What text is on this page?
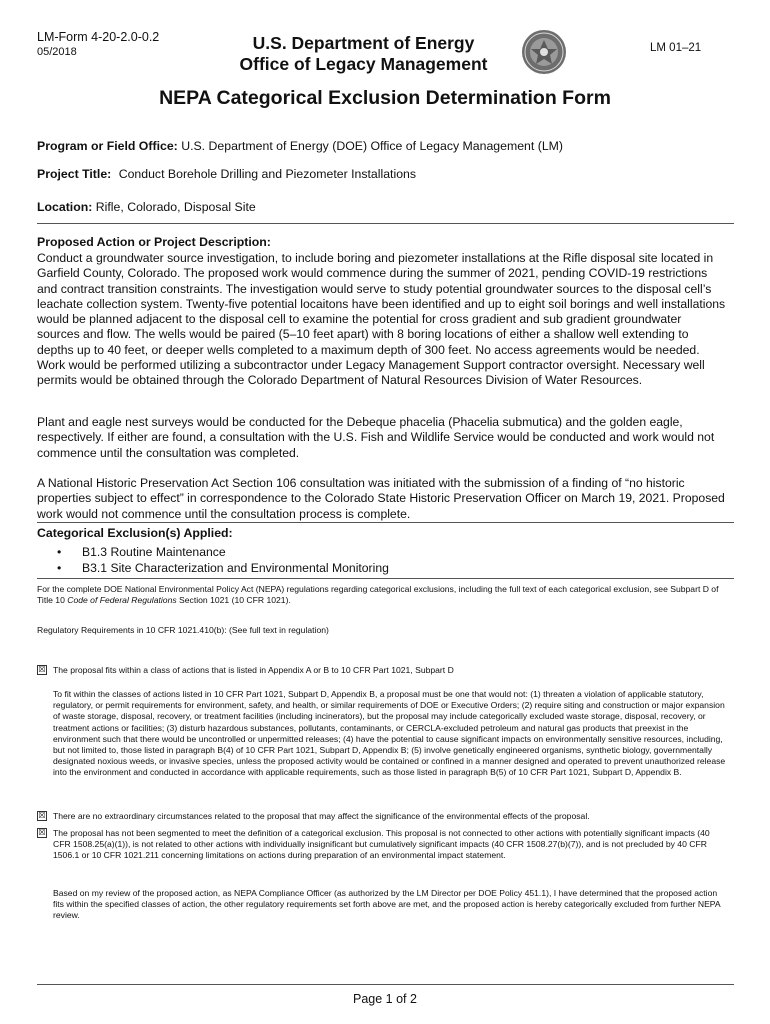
LM-Form 4-20-2.0-0.2
05/2018	U.S. Department of Energy
Office of Legacy Management
LM 01–21
NEPA Categorical Exclusion Determination Form
Program or Field Office: U.S. Department of Energy (DOE) Office of Legacy Management (LM)
Project Title: Conduct Borehole Drilling and Piezometer Installations
Location: Rifle, Colorado, Disposal Site
Proposed Action or Project Description:
Conduct a groundwater source investigation, to include boring and piezometer installations at the Rifle disposal site located in Garfield County, Colorado. The proposed work would commence during the summer of 2021, pending COVID-19 restrictions and contract transition constraints. The investigation would serve to study potential groundwater sources to the disposal cell’s leachate collection system. Twenty-five potential locaitons have been identified and up to eight soil borings and well installations would be planned adjacent to the disposal cell to examine the potential for cross gradient and sub gradient groundwater sources and flow. The wells would be paired (5–10 feet apart) with 8 boring locations of either a shallow well extending to depths up to 40 feet, or deeper wells completed to a maximum depth of 300 feet. No access agreements would be needed. Work would be performed utilizing a subcontractor under Legacy Management Support contractor oversight. Necessary well permits would be obtained through the Colorado Department of Natural Resources Division of Water Resources.
Plant and eagle nest surveys would be conducted for the Debeque phacelia (Phacelia submutica) and the golden eagle, respectively. If either are found, a consultation with the U.S. Fish and Wildlife Service would be conducted and work would not commence until the consultation was completed.
A National Historic Preservation Act Section 106 consultation was initiated with the submission of a finding of “no historic properties subject to effect” in correspondence to the Colorado State Historic Preservation Officer on March 19, 2021. Proposed work would not commence until the consultation process is complete.
Categorical Exclusion(s) Applied:
• B1.3 Routine Maintenance
• B3.1 Site Characterization and Environmental Monitoring
For the complete DOE National Environmental Policy Act (NEPA) regulations regarding categorical exclusions, including the full text of each categorical exclusion, see Subpart D of Title 10 Code of Federal Regulations Section 1021 (10 CFR 1021).
Regulatory Requirements in 10 CFR 1021.410(b): (See full text in regulation)
☒ The proposal fits within a class of actions that is listed in Appendix A or B to 10 CFR Part 1021, Subpart D
To fit within the classes of actions listed in 10 CFR Part 1021, Subpart D, Appendix B, a proposal must be one that would not: (1) threaten a violation of applicable statutory, regulatory, or permit requirements for environment, safety, and health, or similar requirements of DOE or Executive Orders; (2) require siting and construction or major expansion of waste storage, disposal, recovery, or treatment facilities (including incinerators), but the proposal may include categorically excluded waste storage, disposal, recovery, or treatment actions or facilities; (3) disturb hazardous substances, pollutants, contaminants, or CERCLA-excluded petroleum and natural gas products that preexist in the environment such that there would be uncontrolled or unpermitted releases; (4) have the potential to cause significant impacts on environmentally sensitive resources, including, but not limited to, those listed in paragraph B(4) of 10 CFR Part 1021, Subpart D, Appendix B; (5) involve genetically engineered organisms, synthetic biology, governmentally designated noxious weeds, or invasive species, unless the proposed activity would be contained or confined in a manner designed and operated to prevent unauthorized release into the environment and conducted in accordance with applicable requirements, such as those listed in paragraph B(5) of 10 CFR Part 1021, Subpart D, Appendix B.
☒ There are no extraordinary circumstances related to the proposal that may affect the significance of the environmental effects of the proposal.
☒ The proposal has not been segmented to meet the definition of a categorical exclusion. This proposal is not connected to other actions with potentially significant impacts (40 CFR 1508.25(a)(1)), is not related to other actions with individually insignificant but cumulatively significant impacts (40 CFR 1508.27(b)(7)), and is not precluded by 40 CFR 1506.1 or 10 CFR 1021.211 concerning limitations on actions during preparation of an environmental impact statement.
Based on my review of the proposed action, as NEPA Compliance Officer (as authorized by the LM Director per DOE Policy 451.1), I have determined that the proposed action fits within the specified classes of action, the other regulatory requirements set forth above are met, and the proposed action is hereby categorically excluded from further NEPA review.
Page 1 of 2
